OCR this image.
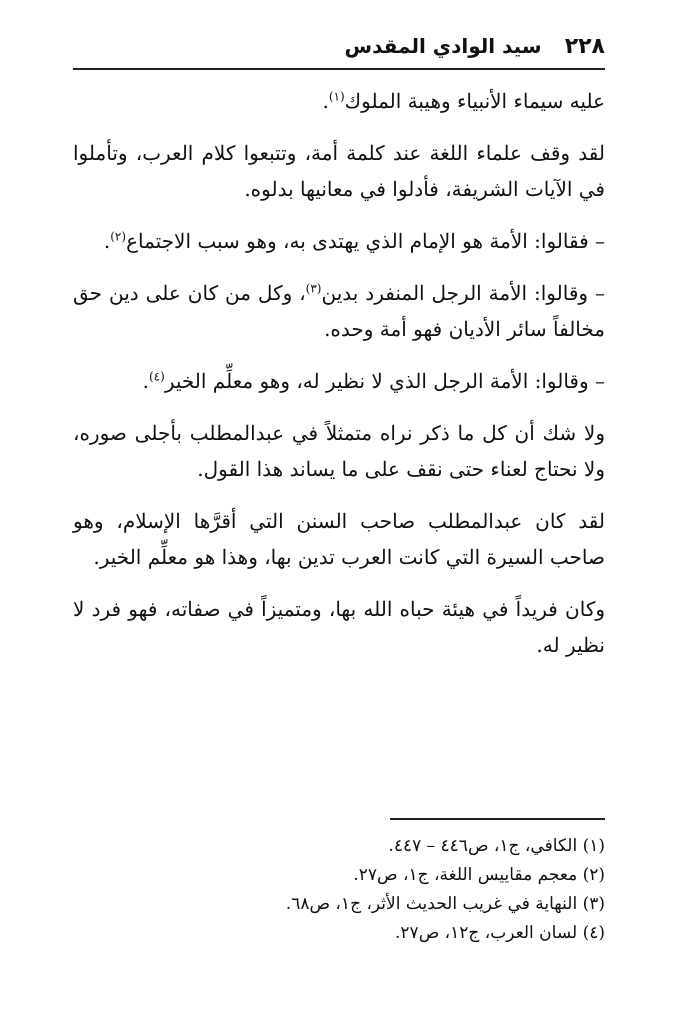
٢٢٨
سيد الوادي المقدس

عليه سيماء الأنبياء وهيبة الملوك$^{(١)}$.

لقد وقف علماء اللغة عند كلمة أمة، وتتبعوا كلام العرب، وتأملوا في الآيات الشريفة، فأدلوا في معانيها بدلوه.

– فقالوا: الأمة هو الإمام الذي يهتدى به، وهو سبب الاجتماع$^{(٢)}$.

– وقالوا: الأمة الرجل المنفرد بدين$^{(٣)}$، وكل من كان على دين حق مخالفاً سائر الأديان فهو أمة وحده.

– وقالوا: الأمة الرجل الذي لا نظير له، وهو معلِّم الخير$^{(٤)}$.

ولا شك أن كل ما ذكر نراه متمثلاً في عبدالمطلب بأجلى صوره، ولا نحتاج لعناء حتى نقف على ما يساند هذا القول.

لقد كان عبدالمطلب صاحب السنن التي أقرَّها الإسلام، وهو صاحب السيرة التي كانت العرب تدين بها، وهذا هو معلِّم الخير.

وكان فريداً في هيئة حباه الله بها، ومتميزاً في صفاته، فهو فرد لا نظير له.

(١) الكافي، ج١، ص٤٤٦ – ٤٤٧.
(٢) معجم مقاييس اللغة، ج١، ص٢٧.
(٣) النهاية في غريب الحديث الأثر، ج١، ص٦٨.
(٤) لسان العرب، ج١٢، ص٢٧.
